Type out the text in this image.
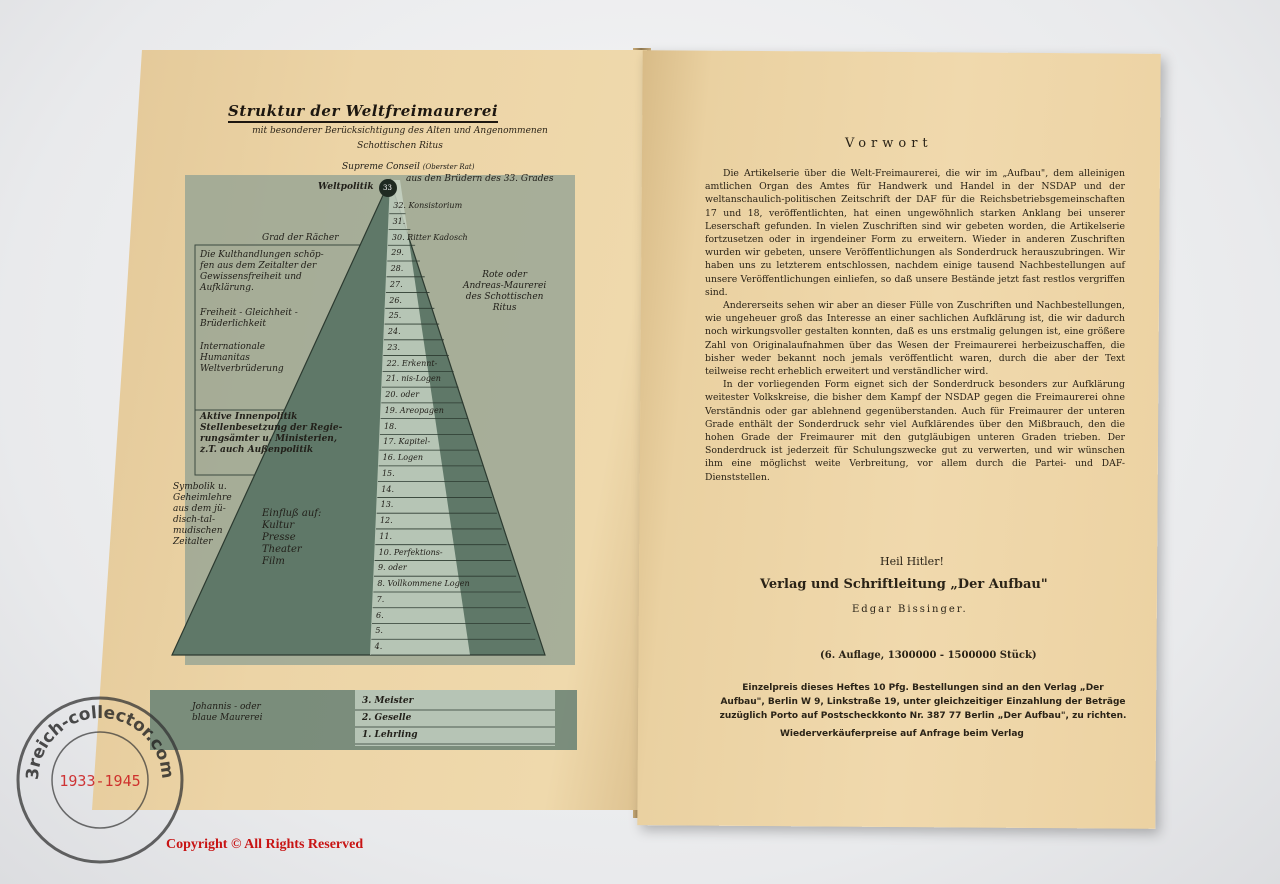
Struktur der Weltfreimaurerei
mit besonderer Berücksichtigung des Alten und Angenommenen
Schottischen Ritus
Supreme Conseil (Oberster Rat)
aus den Brüdern des 33. Grades
Weltpolitik 33
Grad der Rächer
32. Konsistorium
31.
30. Ritter Kadosch
29.
28.
27.
26.
25.
24.
23.
22. Erkennt-
21. nis-Logen
20. oder
19. Areopagen
18.
17. Kapitel-
16. Logen
15.
14.
13.
12.
11.
10. Perfektions-
9. oder
8. Vollkommene Logen
7.
6.
5.
4.
3. Meister
2. Geselle
1. Lehrling
Die Kulthandlungen schöp-
fen aus dem Zeitalter der
Gewissensfreiheit und
Aufklärung.
Freiheit - Gleichheit -
Brüderlichkeit
Internationale
Humanitas
Weltverbrüderung
Rote oder
Andreas-Maurerei
des Schottischen
Ritus
Aktive Innenpolitik
Stellenbesetzung der Regie-
rungsämter u. Ministerien,
z.T. auch Außenpolitik
Symbolik u.
Geheimlehre
aus dem jü-
disch-tal-
mudischen
Zeitalter
Einfluß auf:
Kultur
Presse
Theater
Film
Johannis - oder
blaue Maurerei
Vorwort

Die Artikelserie über die Welt-Freimaurerei, die wir im „Aufbau", dem alleinigen amtlichen Organ des Amtes für Handwerk und Handel in der NSDAP und der weltanschaulich-politischen Zeitschrift der DAF für die Reichsbetriebsgemeinschaften 17 und 18, veröffentlichten, hat einen ungewöhnlich starken Anklang bei unserer Leserschaft gefunden. In vielen Zuschriften sind wir gebeten worden, die Artikelserie fortzusetzen oder in irgendeiner Form zu erweitern. Wieder in anderen Zuschriften wurden wir gebeten, unsere Veröffentlichungen als Sonderdruck herauszubringen. Wir haben uns zu letzterem entschlossen, nachdem einige tausend Nachbestellungen auf unsere Veröffentlichungen einliefen, so daß unsere Bestände jetzt fast restlos vergriffen sind.

Andererseits sehen wir aber an dieser Fülle von Zuschriften und Nachbestellungen, wie ungeheuer groß das Interesse an einer sachlichen Aufklärung ist, die wir dadurch noch wirkungsvoller gestalten konnten, daß es uns erstmalig gelungen ist, eine größere Zahl von Originalaufnahmen über das Wesen der Freimaurerei herbeizuschaffen, die bisher weder bekannt noch jemals veröffentlicht waren, durch die aber der Text teilweise recht erheblich erweitert und verständlicher wird.

In der vorliegenden Form eignet sich der Sonderdruck besonders zur Aufklärung weitester Volkskreise, die bisher dem Kampf der NSDAP gegen die Freimaurerei ohne Verständnis oder gar ablehnend gegenüberstanden. Auch für Freimaurer der unteren Grade enthält der Sonderdruck sehr viel Aufklärendes über den Mißbrauch, den die hohen Grade der Freimaurer mit den gutgläubigen unteren Graden trieben. Der Sonderdruck ist jederzeit für Schulungszwecke gut zu verwerten, und wir wünschen ihm eine möglichst weite Verbreitung, vor allem durch die Partei- und DAF-Dienststellen.

Heil Hitler!
Verlag und Schriftleitung „Der Aufbau"
Edgar Bissinger.
(6. Auflage, 1300000 - 1500000 Stück)
Einzelpreis dieses Heftes 10 Pfg. Bestellungen sind an den Verlag „Der
Aufbau", Berlin W 9, Linkstraße 19, unter gleichzeitiger Einzahlung der Beträge
zuzüglich Porto auf Postscheckkonto Nr. 387 77 Berlin „Der Aufbau", zu richten.
Wiederverkäuferpreise auf Anfrage beim Verlag
3reich-collector.com
1933-1945
Copyright © All Rights Reserved
